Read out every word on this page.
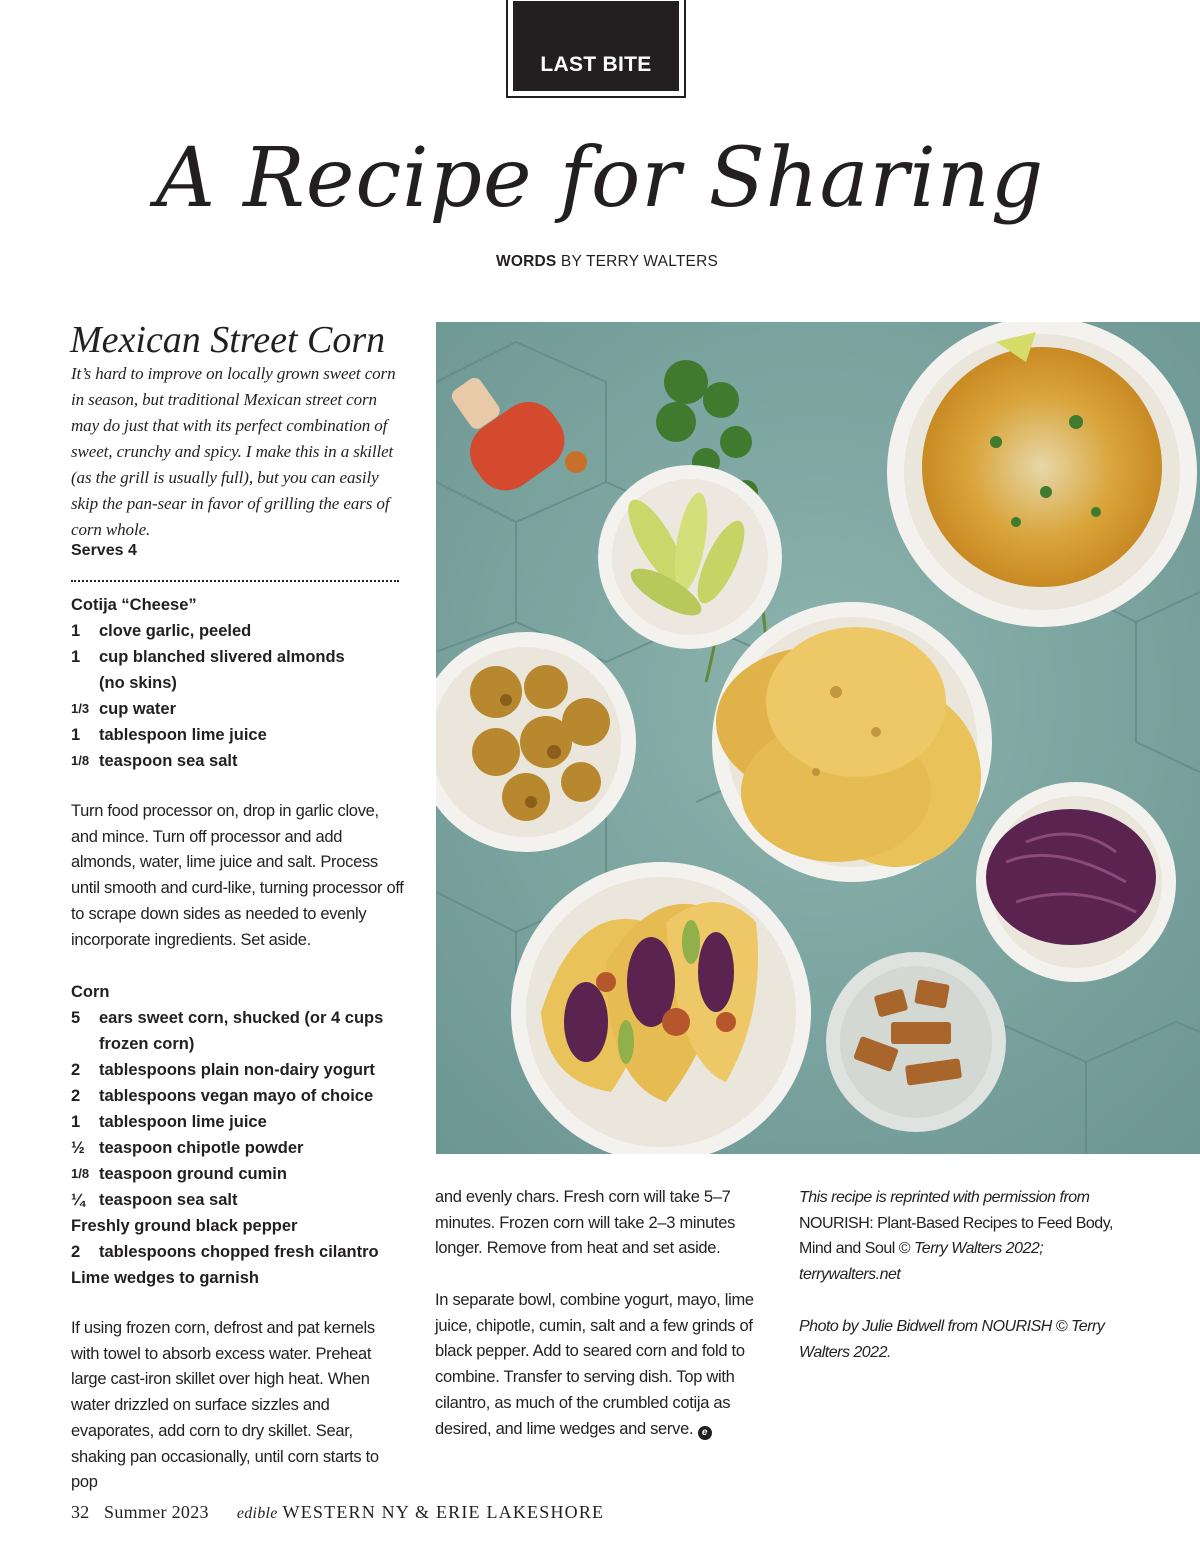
LAST BITE
A Recipe for Sharing
WORDS BY TERRY WALTERS
Mexican Street Corn
It’s hard to improve on locally grown sweet corn in season, but traditional Mexican street corn may do just that with its perfect combination of sweet, crunchy and spicy. I make this in a skillet (as the grill is usually full), but you can easily skip the pan-sear in favor of grilling the ears of corn whole.
Serves 4
Cotija “Cheese”
1	clove garlic, peeled
1	cup blanched slivered almonds (no skins)
1/3 cup water
1	tablespoon lime juice
1/8 teaspoon sea salt
Turn food processor on, drop in garlic clove, and mince. Turn off processor and add almonds, water, lime juice and salt. Process until smooth and curd-like, turning processor off to scrape down sides as needed to evenly incorporate ingredients. Set aside.
Corn
5	ears sweet corn, shucked (or 4 cups frozen corn)
2	tablespoons plain non-dairy yogurt
2	tablespoons vegan mayo of choice
1	tablespoon lime juice
½ teaspoon chipotle powder
1/8 teaspoon ground cumin
¼ teaspoon sea salt
Freshly ground black pepper
2	tablespoons chopped fresh cilantro
Lime wedges to garnish
If using frozen corn, defrost and pat kernels with towel to absorb excess water. Preheat large cast-iron skillet over high heat. When water drizzled on surface sizzles and evaporates, add corn to dry skillet. Sear, shaking pan occasionally, until corn starts to pop
and evenly chars. Fresh corn will take 5–7 minutes. Frozen corn will take 2–3 minutes longer. Remove from heat and set aside.
In separate bowl, combine yogurt, mayo, lime juice, chipotle, cumin, salt and a few grinds of black pepper. Add to seared corn and fold to combine. Transfer to serving dish. Top with cilantro, as much of the crumbled cotija as desired, and lime wedges and serve. e
This recipe is reprinted with permission from NOURISH: Plant-Based Recipes to Feed Body, Mind and Soul © Terry Walters 2022; terrywalters.net
Photo by Julie Bidwell from NOURISH © Terry Walters 2022.
32 Summer 2023 edible WESTERN NY & ERIE LAKESHORE
